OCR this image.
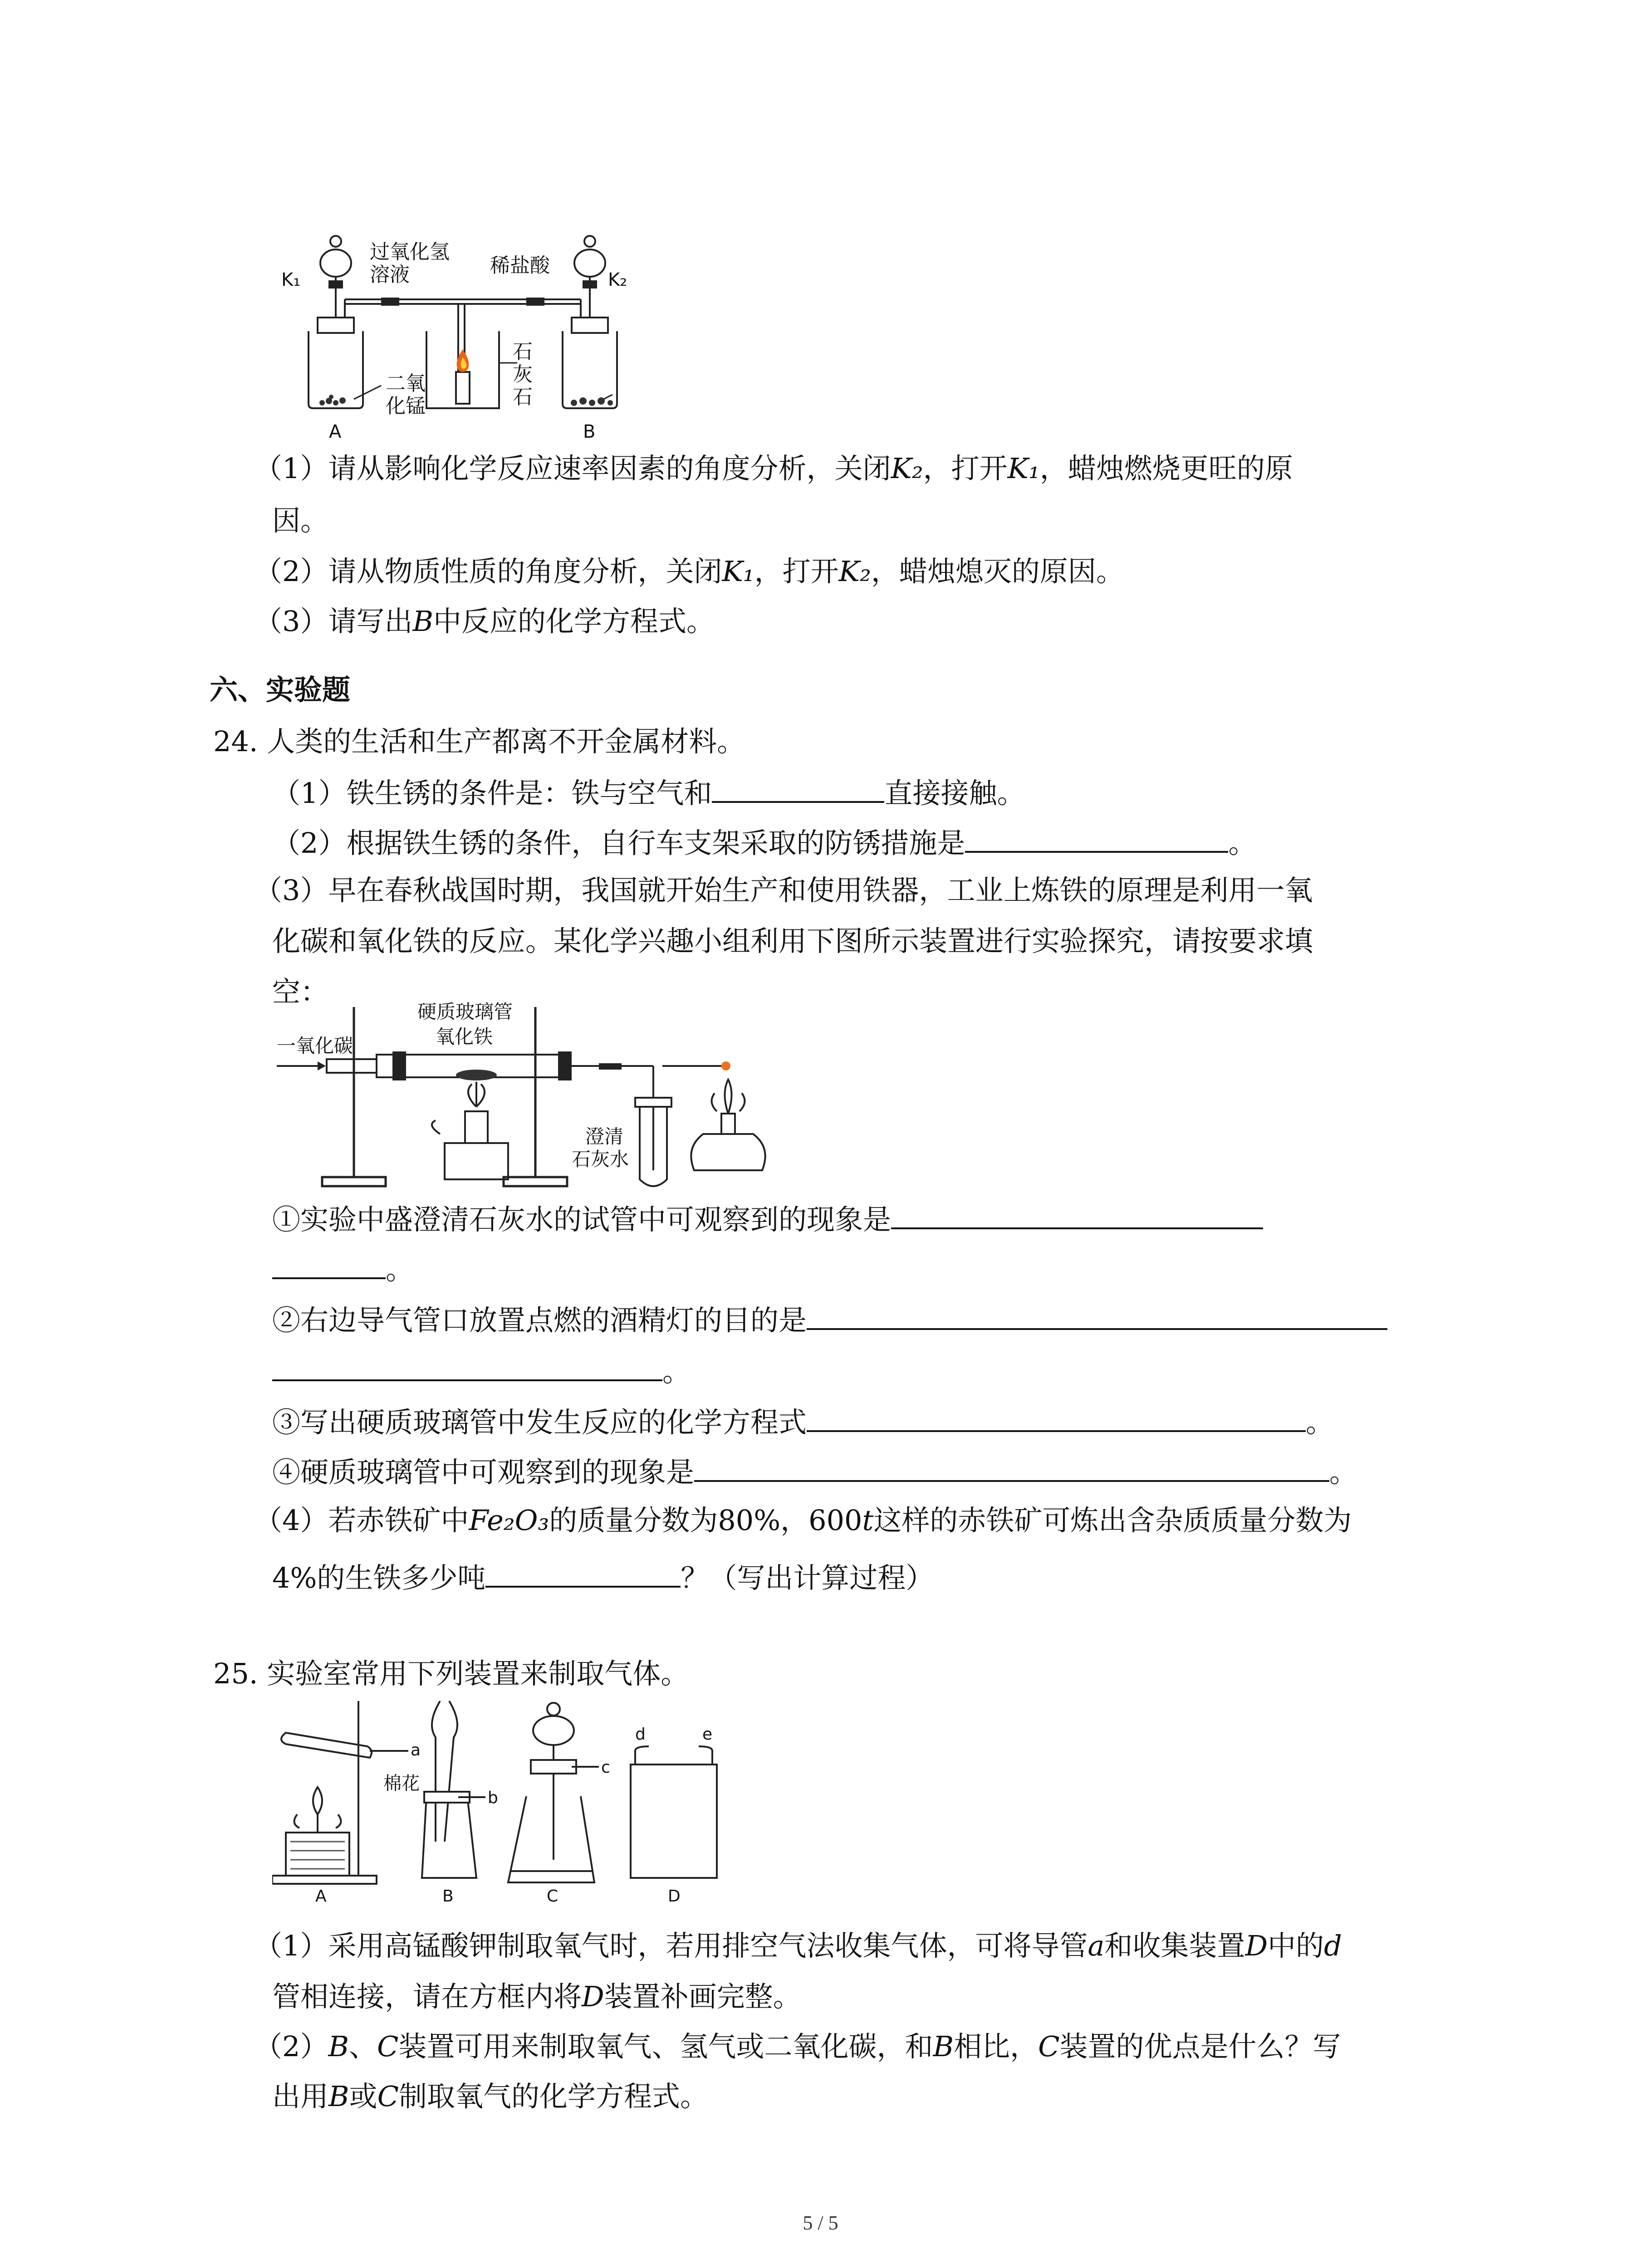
过氧化氢
溶液	稀盐酸
K₁	K₂
二氧
化锰
石
灰
石
A	B
（1）请从影响化学反应速率因素的角度分析，关闭K₂，打开K₁，蜡烛燃烧更旺的原
因。
（2）请从物质性质的角度分析，关闭K₁，打开K₂，蜡烛熄灭的原因。
（3）请写出B中反应的化学方程式。
六、实验题
24. 人类的生活和生产都离不开金属材料。
（1）铁生锈的条件是：铁与空气和	直接接触。
（2）根据铁生锈的条件，自行车支架采取的防锈措施是	。
（3）早在春秋战国时期，我国就开始生产和使用铁器，工业上炼铁的原理是利用一氧
化碳和氧化铁的反应。某化学兴趣小组利用下图所示装置进行实验探究，请按要求填
空：
一氧化碳
硬质玻璃管
氧化铁
澄清
石灰水
①实验中盛澄清石灰水的试管中可观察到的现象是
。
②右边导气管口放置点燃的酒精灯的目的是
。
③写出硬质玻璃管中发生反应的化学方程式	。
④硬质玻璃管中可观察到的现象是	。
（4）若赤铁矿中Fe₂O₃的质量分数为80%，600t这样的赤铁矿可炼出含杂质质量分数为
4%的生铁多少吨	？（写出计算过程）
25. 实验室常用下列装置来制取气体。
棉花
a
b
c
d	e
A	B	C	D
（1）采用高锰酸钾制取氧气时，若用排空气法收集气体，可将导管a和收集装置D中的d
管相连接，请在方框内将D装置补画完整。
（2）B、C装置可用来制取氧气、氢气或二氧化碳，和B相比，C装置的优点是什么？写
出用B或C制取氧气的化学方程式。
5 / 5
